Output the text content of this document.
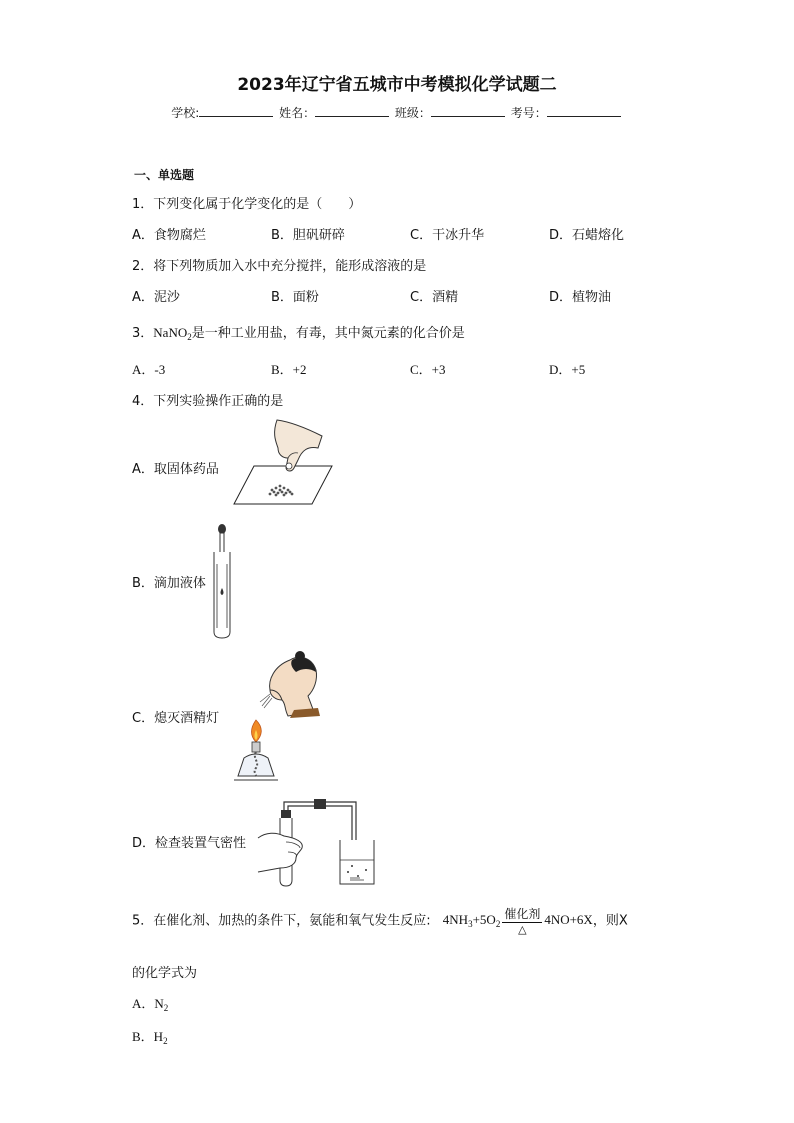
2023年辽宁省五城市中考模拟化学试题二
学校:	姓名：	班级：	考号：
一、单选题
1．下列变化属于化学变化的是（　　）
A．食物腐烂	B．胆矾研碎	C．干冰升华	D．石蜡熔化
2．将下列物质加入水中充分搅拌，能形成溶液的是
A．泥沙	B．面粉	C．酒精	D．植物油
3．NaNO$_2$是一种工业用盐，有毒，其中氮元素的化合价是
A．-3	B．+2	C．+3	D．+5
4．下列实验操作正确的是
A．取固体药品
B．滴加液体
C．熄灭酒精灯
D．检查装置气密性
5．在催化剂、加热的条件下，氨能和氧气发生反应: $4NH_3+5O_2 \frac{\text{催化剂}}{\triangle} 4NO+6X$，则X
的化学式为
A．$N_2$
B．$H_2$
